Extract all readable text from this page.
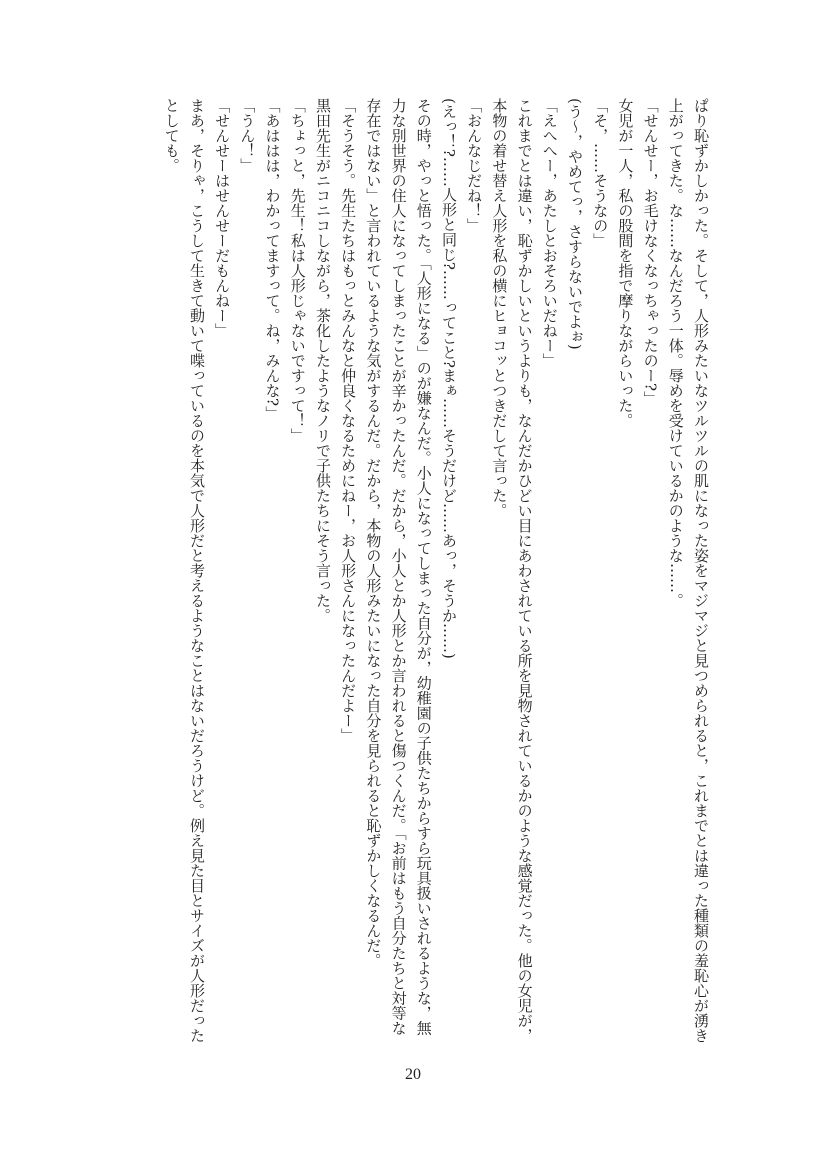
ぱり恥ずかしかった。そして，人形みたいなツルツルの肌になった姿をマジマジと見つめられると，これまでとは違った種類の羞恥心が湧き
上がってきた。な……なんだろう一体。辱めを受けているかのような……。
「せんせー，お毛けなくなっちゃったのー?」
女児が一人，私の股間を指で摩りながらいった。
「そ，……そうなの」
(う～，やめてっ，さすらないでよぉ)
「えへへー，あたしとおそろいだねー」
これまでとは違い，恥ずかしいというよりも，なんだかひどい目にあわされている所を見物されているかのような感覚だった。他の女児が，
本物の着せ替え人形を私の横にヒョコッとつきだして言った。
「おんなじだね！」
(えっ！?……人形と同じ?……ってこと?まぁ……そうだけど……あっ，そうか……)
その時，やっと悟った。「人形になる」のが嫌なんだ。小人になってしまった自分が，幼稚園の子供たちからすら玩具扱いされるような，無
力な別世界の住人になってしまったことが辛かったんだ。だから，小人とか人形とか言われると傷つくんだ。「お前はもう自分たちと対等な
存在ではない」と言われているような気がするんだ。だから，本物の人形みたいになった自分を見られると恥ずかしくなるんだ。
「そうそう。先生たちはもっとみんなと仲良くなるためにねー，お人形さんになったんだよー」
黒田先生がニコニコしながら，茶化したようなノリで子供たちにそう言った。
「ちょっと，先生！私は人形じゃないですって！」
「あははは，わかってますって。ね，みんな?」
「うん！」
「せんせーはせんせーだもんねー」
まあ，そりゃ，こうして生きて動いて喋っているのを本気で人形だと考えるようなことはないだろうけど。例え見た目とサイズが人形だった
としても。
20
